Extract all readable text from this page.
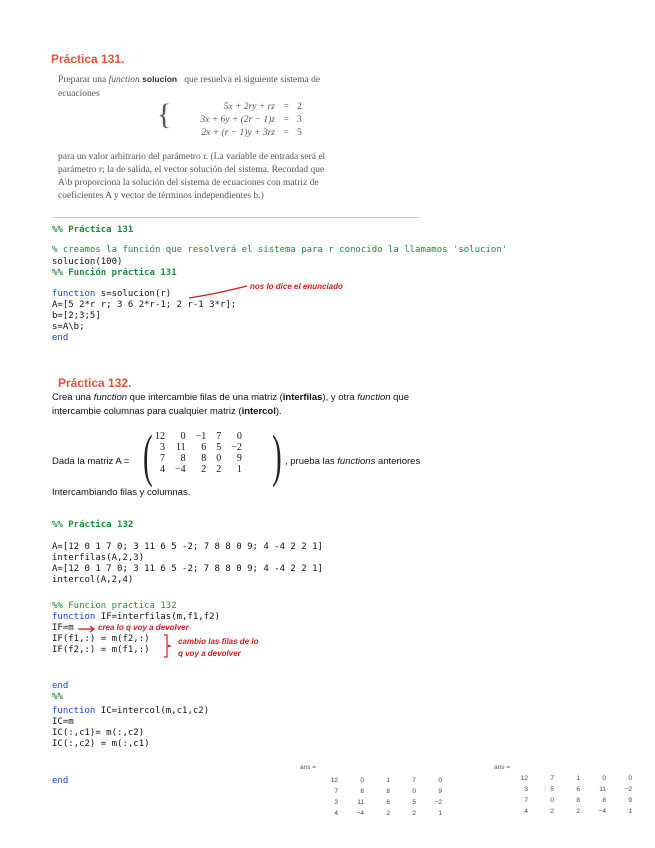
Práctica 131.
Preparar una function solucion que resuelva el siguiente sistema de
ecuaciones
{	5x + 2ry + rz = 2
3x + 6y + (2r − 1)z = 3
2x + (r − 1)y + 3rz = 5
para un valor arbitrario del parámetro r. (La variable de entrada será el
parámetro r; la de salida, el vector solución del sistema. Recordad que
A\b proporciona la solución del sistema de ecuaciones con matriz de
coeficientes A y vector de términos independientes b.)
%% Práctica 131
% creamos la función que resolverá el sistema para r conocido la llamamos 'solucion'
solucion(100)
%% Función práctica 131
function s=solucion(r)
A=[5 2*r r; 3 6 2*r-1; 2 r-1 3*r];
b=[2;3;5]
s=A\b;
end
nos lo dice el enunciado
Práctica 132.
Crea una function que intercambie filas de una matriz (interfilas), y otra function que
intercambie columnas para cualquier matriz (intercol).
Dada la matriz A = ( 12	0	−1	7	0
3	11	6	5	−2
7	8	8	0	9
4	−4	2	2	1 ) , prueba las functions anteriores
Intercambiando filas y columnas.
%% Práctica 132
A=[12 0 1 7 0; 3 11 6 5 -2; 7 8 8 0 9; 4 -4 2 2 1]
interfilas(A,2,3)
A=[12 0 1 7 0; 3 11 6 5 -2; 7 8 8 0 9; 4 -4 2 2 1]
intercol(A,2,4)
%% Funcion practica 132
function IF=interfilas(m,f1,f2)
IF=m
IF(f1,:) = m(f2,:)
IF(f2,:) = m(f1,:)
end
%%
function IC=intercol(m,c1,c2)
IC=m
IC(:,c1)= m(:,c2)
IC(:,c2) = m(:,c1)
end
crea lo q voy a devolver
cambio las filas de lo
q voy a devolver
ans =
12	0	1	7	0
7	8	8	0	9
3	11	6	5	−2
4	−4	2	2	1
ans =
12	7	1	0	0
3	5	6	11	−2
7	0	8	8	9
4	2	2	−4	1
